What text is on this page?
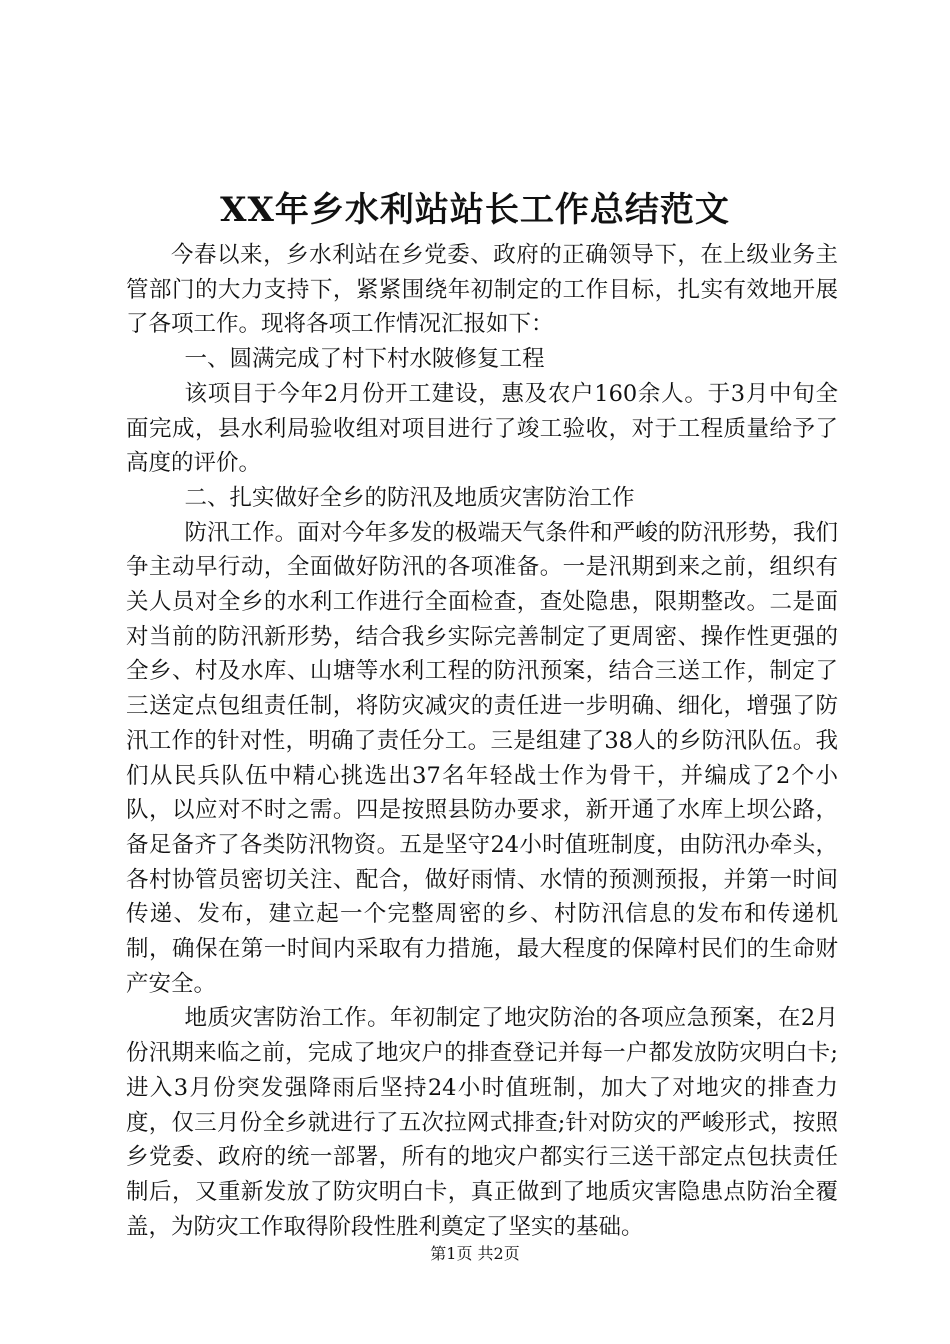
XX年乡水利站站长工作总结范文

今春以来，乡水利站在乡党委、政府的正确领导下，在上级业务主管部门的大力支持下，紧紧围绕年初制定的工作目标，扎实有效地开展了各项工作。现将各项工作情况汇报如下：

一、圆满完成了村下村水陂修复工程

该项目于今年2月份开工建设，惠及农户160余人。于3月中旬全面完成，县水利局验收组对项目进行了竣工验收，对于工程质量给予了高度的评价。

二、扎实做好全乡的防汛及地质灾害防治工作

防汛工作。面对今年多发的极端天气条件和严峻的防汛形势，我们争主动早行动，全面做好防汛的各项准备。一是汛期到来之前，组织有关人员对全乡的水利工作进行全面检查，查处隐患，限期整改。二是面对当前的防汛新形势，结合我乡实际完善制定了更周密、操作性更强的全乡、村及水库、山塘等水利工程的防汛预案，结合三送工作，制定了三送定点包组责任制，将防灾减灾的责任进一步明确、细化，增强了防汛工作的针对性，明确了责任分工。三是组建了38人的乡防汛队伍。我们从民兵队伍中精心挑选出37名年轻战士作为骨干，并编成了2个小队，以应对不时之需。四是按照县防办要求，新开通了水库上坝公路，备足备齐了各类防汛物资。五是坚守24小时值班制度，由防汛办牵头，各村协管员密切关注、配合，做好雨情、水情的预测预报，并第一时间传递、发布，建立起一个完整周密的乡、村防汛信息的发布和传递机制，确保在第一时间内采取有力措施，最大程度的保障村民们的生命财产安全。

地质灾害防治工作。年初制定了地灾防治的各项应急预案，在2月份汛期来临之前，完成了地灾户的排查登记并每一户都发放防灾明白卡;进入3月份突发强降雨后坚持24小时值班制，加大了对地灾的排查力度，仅三月份全乡就进行了五次拉网式排查;针对防灾的严峻形式，按照乡党委、政府的统一部署，所有的地灾户都实行三送干部定点包扶责任制后，又重新发放了防灾明白卡，真正做到了地质灾害隐患点防治全覆盖，为防灾工作取得阶段性胜利奠定了坚实的基础。

第1页 共2页
